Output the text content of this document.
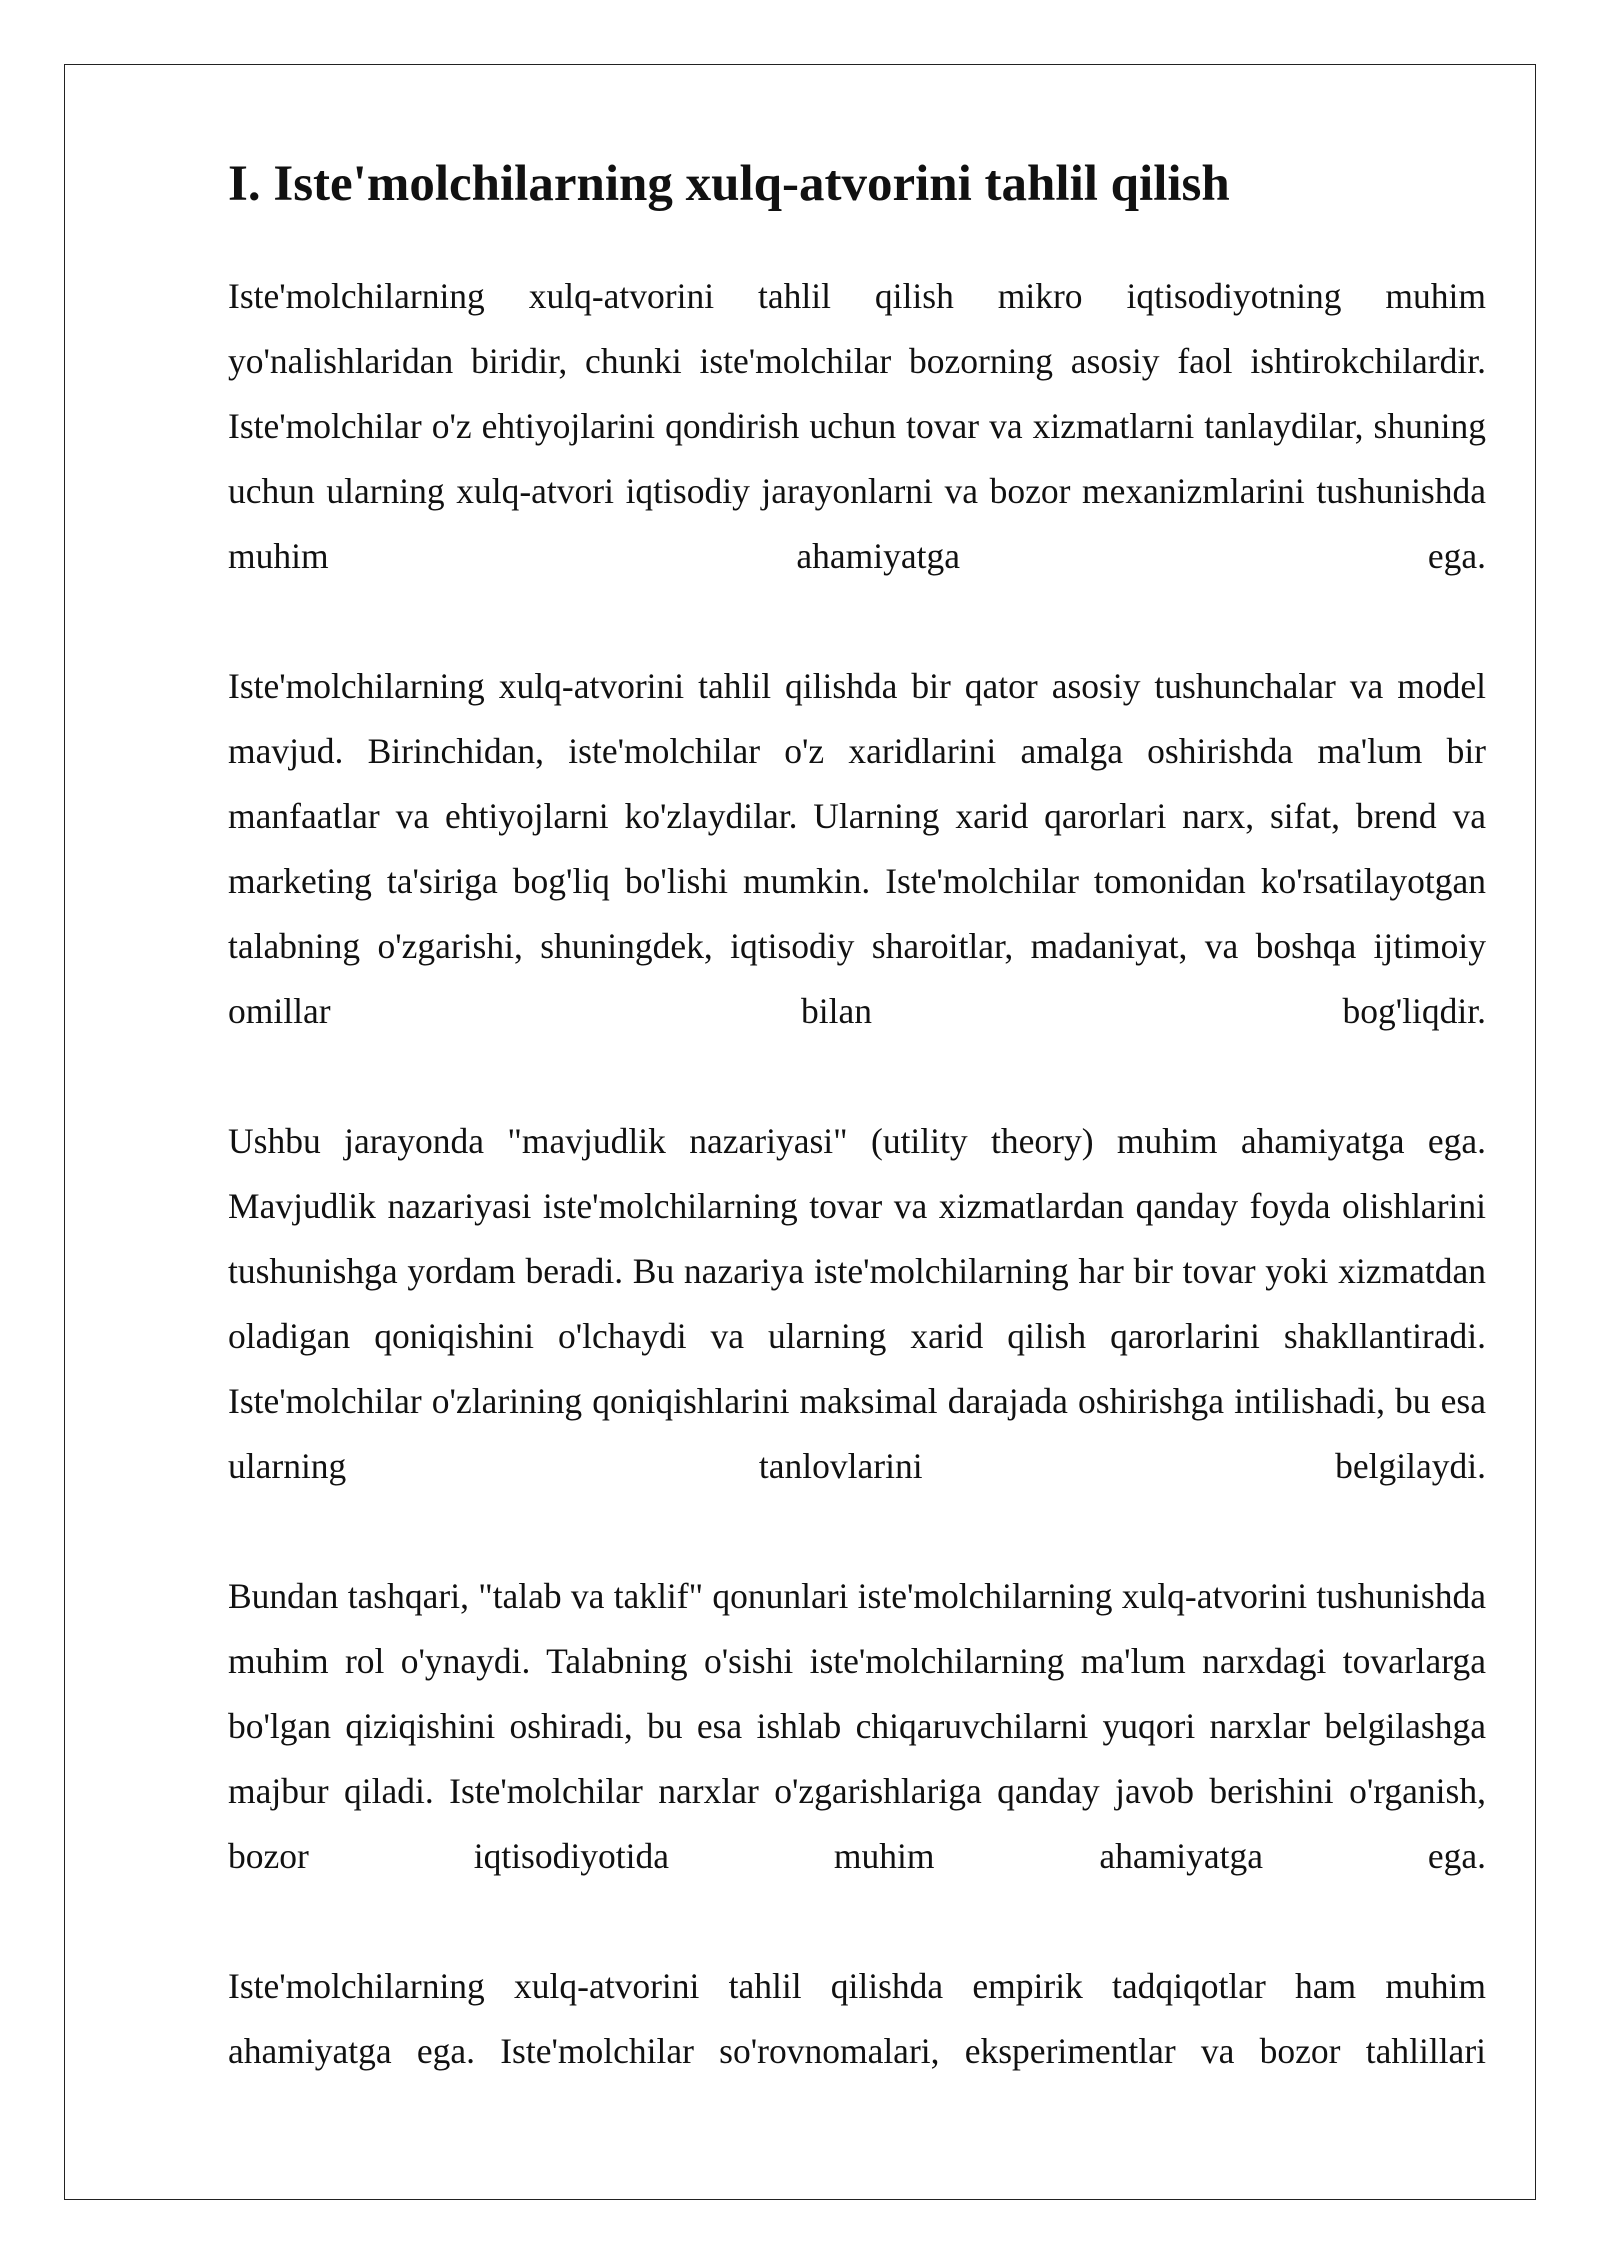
I. Iste'molchilarning xulq-atvorini tahlil qilish

Iste'molchilarning xulq-atvorini tahlil qilish mikro iqtisodiyotning muhim yo'nalishlaridan biridir, chunki iste'molchilar bozorning asosiy faol ishtirokchilardir. Iste'molchilar o'z ehtiyojlarini qondirish uchun tovar va xizmatlarni tanlaydilar, shuning uchun ularning xulq-atvori iqtisodiy jarayonlarni va bozor mexanizmlarini tushunishda muhim ahamiyatga ega.

Iste'molchilarning xulq-atvorini tahlil qilishda bir qator asosiy tushunchalar va model mavjud. Birinchidan, iste'molchilar o'z xaridlarini amalga oshirishda ma'lum bir manfaatlar va ehtiyojlarni ko'zlaydilar. Ularning xarid qarorlari narx, sifat, brend va marketing ta'siriga bog'liq bo'lishi mumkin. Iste'molchilar tomonidan ko'rsatilayotgan talabning o'zgarishi, shuningdek, iqtisodiy sharoitlar, madaniyat, va boshqa ijtimoiy omillar bilan bog'liqdir.

Ushbu jarayonda "mavjudlik nazariyasi" (utility theory) muhim ahamiyatga ega. Mavjudlik nazariyasi iste'molchilarning tovar va xizmatlardan qanday foyda olishlarini tushunishga yordam beradi. Bu nazariya iste'molchilarning har bir tovar yoki xizmatdan oladigan qoniqishini o'lchaydi va ularning xarid qilish qarorlarini shakllantiradi. Iste'molchilar o'zlarining qoniqishlarini maksimal darajada oshirishga intilishadi, bu esa ularning tanlovlarini belgilaydi.

Bundan tashqari, "talab va taklif" qonunlari iste'molchilarning xulq-atvorini tushunishda muhim rol o'ynaydi. Talabning o'sishi iste'molchilarning ma'lum narxdagi tovarlarga bo'lgan qiziqishini oshiradi, bu esa ishlab chiqaruvchilarni yuqori narxlar belgilashga majbur qiladi. Iste'molchilar narxlar o'zgarishlariga qanday javob berishini o'rganish, bozor iqtisodiyotida muhim ahamiyatga ega.

Iste'molchilarning xulq-atvorini tahlil qilishda empirik tadqiqotlar ham muhim ahamiyatga ega. Iste'molchilar so'rovnomalari, eksperimentlar va bozor tahlillari
